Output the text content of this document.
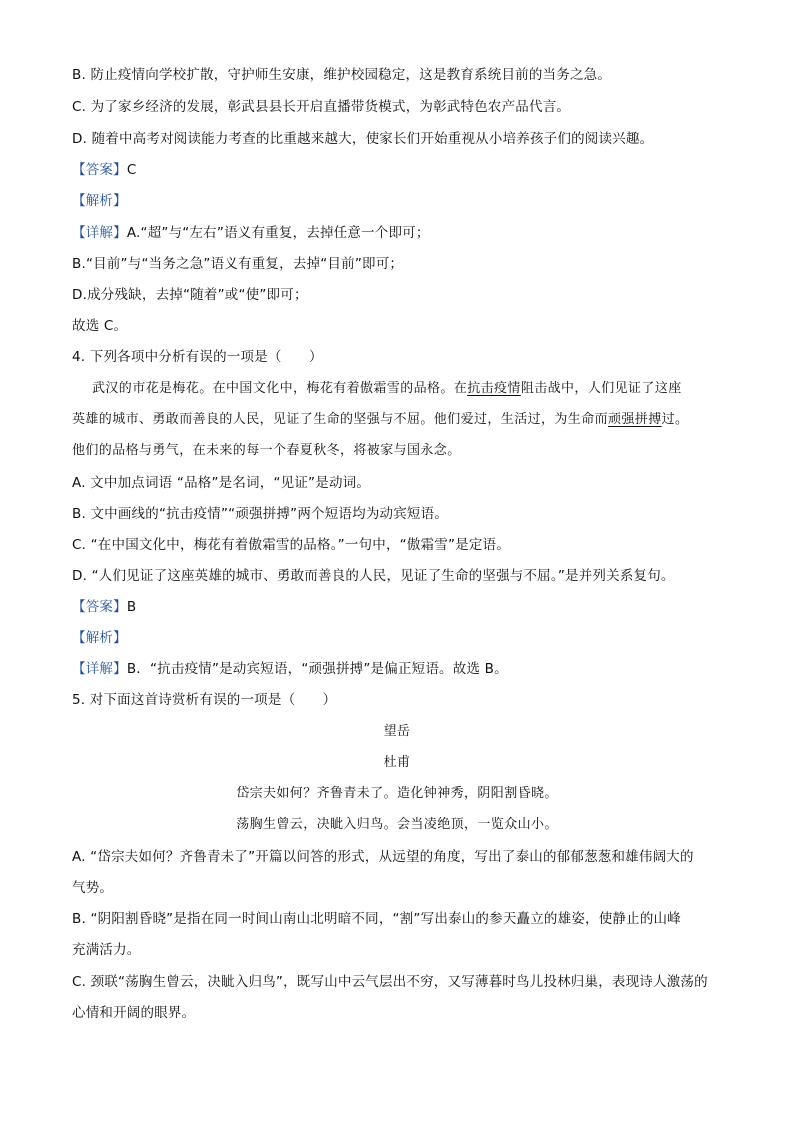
B. 防止疫情向学校扩散，守护师生安康，维护校园稳定，这是教育系统目前的当务之急。
C. 为了家乡经济的发展，彰武县县长开启直播带货模式，为彰武特色农产品代言。
D. 随着中高考对阅读能力考查的比重越来越大，使家长们开始重视从小培养孩子们的阅读兴趣。
【答案】C
【解析】
【详解】A.“超”与“左右”语义有重复，去掉任意一个即可；
B.“目前”与“当务之急”语义有重复，去掉“目前”即可；
D.成分残缺，去掉“随着”或“使”即可；
故选 C。
4. 下列各项中分析有误的一项是（　　）
武汉的市花是梅花。在中国文化中，梅花有着傲霜雪的品格。在抗击疫情阻击战中，人们见证了这座
英雄的城市、勇敢而善良的人民，见证了生命的坚强与不屈。他们爱过，生活过，为生命而顽强拼搏过。
他们的品格与勇气，在未来的每一个春夏秋冬，将被家与国永念。
A. 文中加点词语 “品格”是名词，“见证”是动词。
B. 文中画线的“抗击疫情”“顽强拼搏”两个短语均为动宾短语。
C. “在中国文化中，梅花有着傲霜雪的品格。”一句中，“傲霜雪”是定语。
D. “人们见证了这座英雄的城市、勇敢而善良的人民，见证了生命的坚强与不屈。”是并列关系复句。
【答案】B
【解析】
【详解】B．“抗击疫情”是动宾短语，“顽强拼搏”是偏正短语。故选 B。
5. 对下面这首诗赏析有误的一项是（　　）
望岳
杜甫
岱宗夫如何？齐鲁青未了。造化钟神秀，阴阳割昏晓。
荡胸生曾云，决眦入归鸟。会当凌绝顶，一览众山小。
A. “岱宗夫如何？齐鲁青未了”开篇以问答的形式，从远望的角度，写出了泰山的郁郁葱葱和雄伟阔大的
气势。
B. “阴阳割昏晓”是指在同一时间山南山北明暗不同，“割”写出泰山的参天矗立的雄姿，使静止的山峰
充满活力。
C. 颈联“荡胸生曾云，决眦入归鸟”，既写山中云气层出不穷，又写薄暮时鸟儿投林归巢，表现诗人激荡的
心情和开阔的眼界。
